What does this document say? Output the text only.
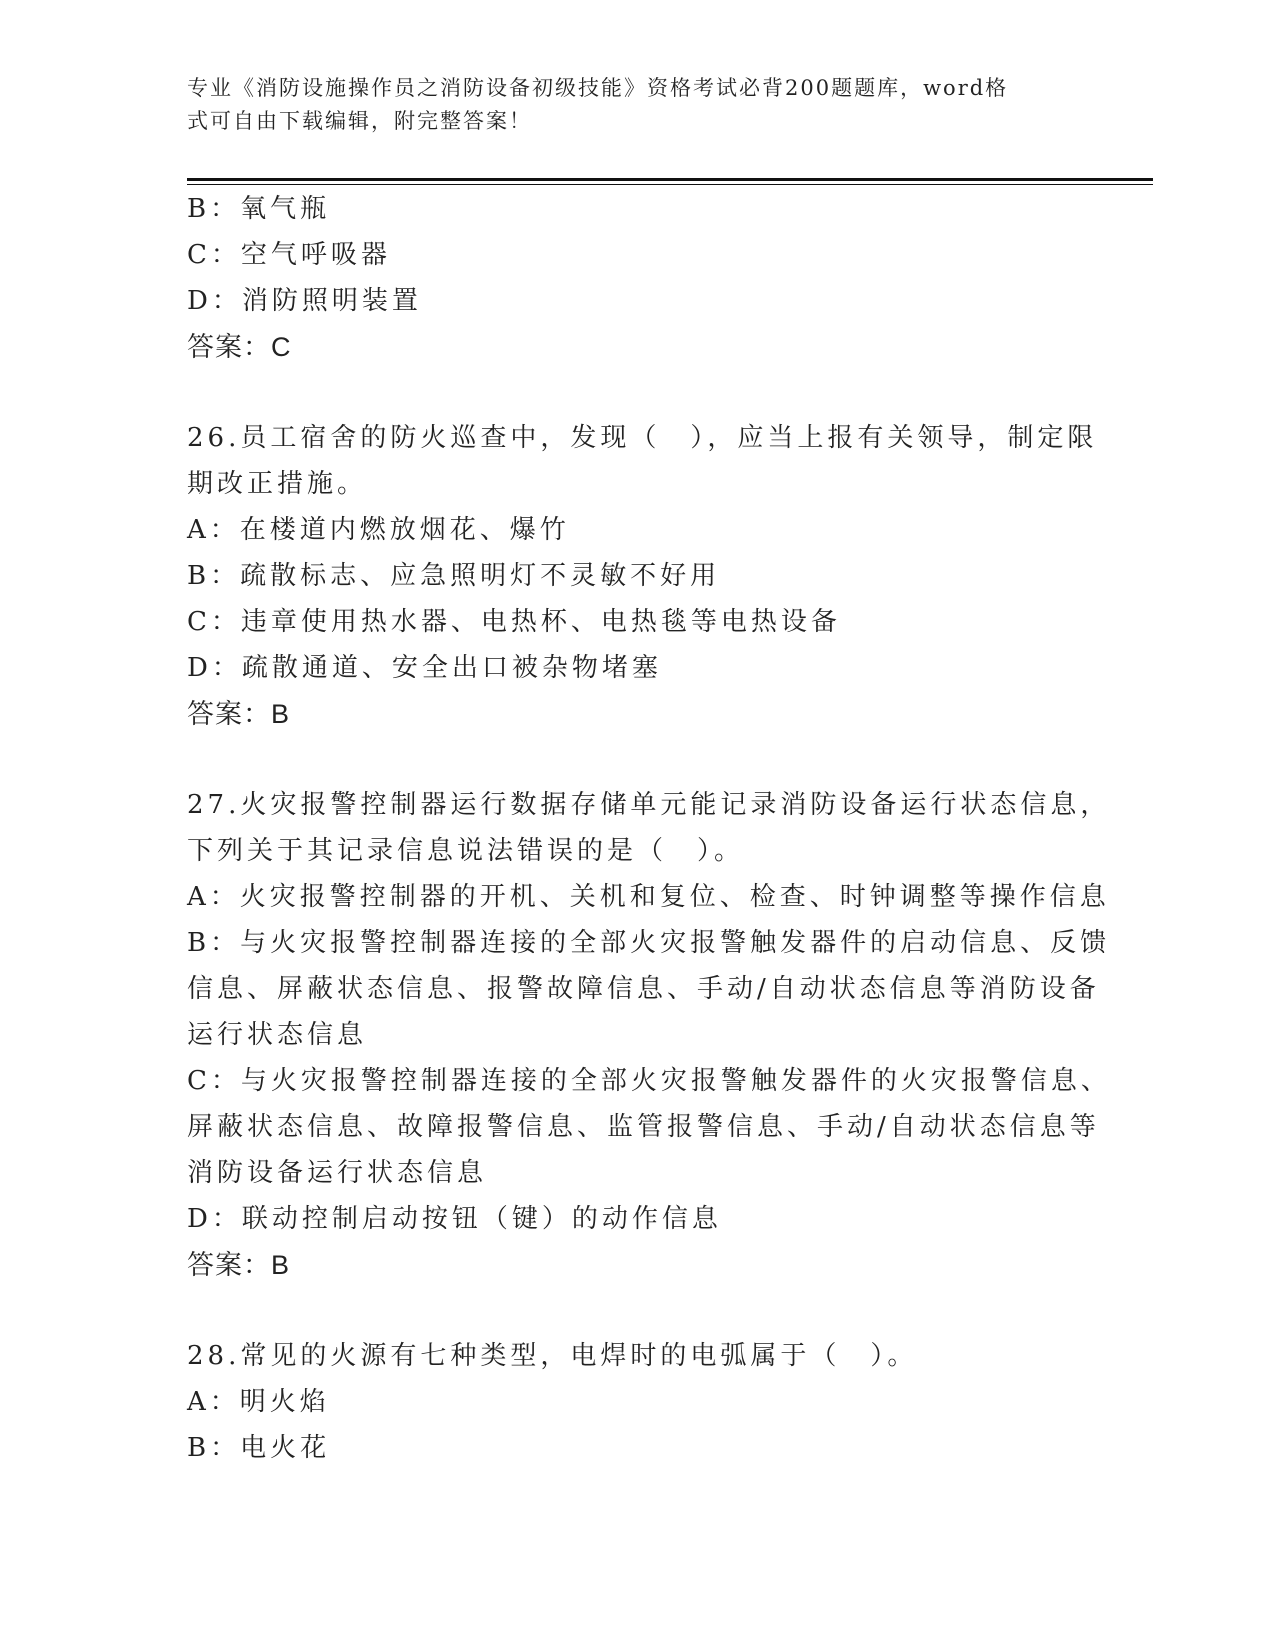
专业《消防设施操作员之消防设备初级技能》资格考试必背200题题库，word格
式可自由下载编辑，附完整答案！
B：氧气瓶
C：空气呼吸器
D：消防照明装置
答案：C
26.员工宿舍的防火巡查中，发现（　），应当上报有关领导，制定限
期改正措施。
A：在楼道内燃放烟花、爆竹
B：疏散标志、应急照明灯不灵敏不好用
C：违章使用热水器、电热杯、电热毯等电热设备
D：疏散通道、安全出口被杂物堵塞
答案：B
27.火灾报警控制器运行数据存储单元能记录消防设备运行状态信息，
下列关于其记录信息说法错误的是（　）。
A：火灾报警控制器的开机、关机和复位、检查、时钟调整等操作信息
B：与火灾报警控制器连接的全部火灾报警触发器件的启动信息、反馈
信息、屏蔽状态信息、报警故障信息、手动/自动状态信息等消防设备
运行状态信息
C：与火灾报警控制器连接的全部火灾报警触发器件的火灾报警信息、
屏蔽状态信息、故障报警信息、监管报警信息、手动/自动状态信息等
消防设备运行状态信息
D：联动控制启动按钮（键）的动作信息
答案：B
28.常见的火源有七种类型，电焊时的电弧属于（　）。
A：明火焰
B：电火花
